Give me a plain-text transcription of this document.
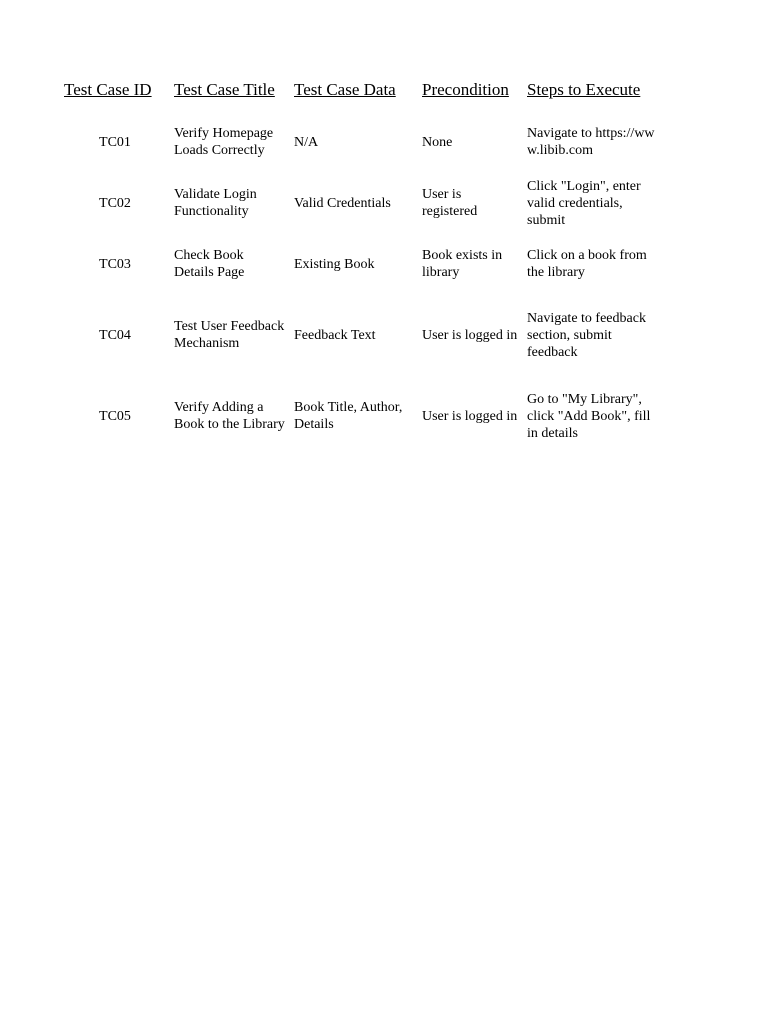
Test Case ID	Test Case Title	Test Case Data	Precondition	Steps to Execute
TC01	Verify Homepage Loads Correctly	N/A	None	Navigate to https://www.libib.com
TC02	Validate Login Functionality	Valid Credentials	User is registered	Click "Login", enter valid credentials, submit
TC03	Check Book Details Page	Existing Book	Book exists in library	Click on a book from the library
TC04	Test User Feedback Mechanism	Feedback Text	User is logged in	Navigate to feedback section, submit feedback
TC05	Verify Adding a Book to the Library	Book Title, Author, Details	User is logged in	Go to "My Library", click "Add Book", fill in details
